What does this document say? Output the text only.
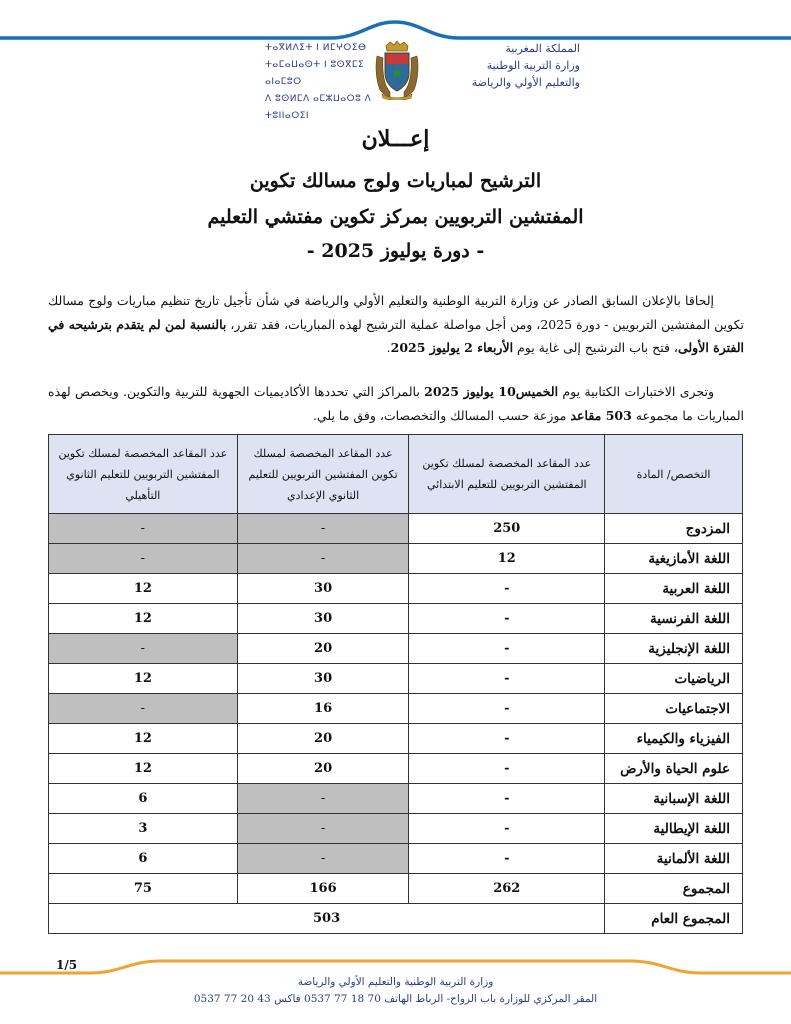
ⵜⴰⴳⵍⴷⵉⵜ ⵏ ⵍⵎⵖⵔⵉⴱ
ⵜⴰⵎⴰⵡⴰⵙⵜ ⵏ ⵓⵙⴳⵎⵉ ⴰⵏⴰⵎⵓⵔ
ⴷ ⵓⵙⵍⵎⴷ ⴰⵎⵣⵡⴰⵔⵓ ⴷ ⵜⵓⵏⵏⴰⵔⵉⵏ
المملكة المغربية
وزارة التربية الوطنية
والتعليم الأولي والرياضة
إعـــلان
الترشيح لمباريات ولوج مسالك تكوين
المفتشين التربويين بمركز تكوين مفتشي التعليم
- دورة يوليوز 2025 -

إلحاقا بالإعلان السابق الصادر عن وزارة التربية الوطنية والتعليم الأولي والرياضة في شأن تأجيل تاريخ تنظيم مباريات ولوج مسالك تكوين المفتشين التربويين - دورة 2025، ومن أجل مواصلة عملية الترشيح لهذه المباريات، فقد تقرر، بالنسبة لمن لم يتقدم بترشيحه في الفترة الأولى، فتح باب الترشيح إلى غاية يوم الأربعاء 2 يوليوز 2025.

وتجرى الاختبارات الكتابية يوم الخميس10 يوليوز 2025 بالمراكز التي تحددها الأكاديميات الجهوية للتربية والتكوين. ويخصص لهذه المباريات ما مجموعه 503 مقاعد موزعة حسب المسالك والتخصصات، وفق ما يلي.

التخصص/ المادة	عدد المقاعد المخصصة لمسلك تكوين المفتشين التربويين للتعليم الابتدائي	عدد المقاعد المخصصة لمسلك تكوين المفتشين التربويين للتعليم الثانوي الإعدادي	عدد المقاعد المخصصة لمسلك تكوين المفتشين التربويين للتعليم الثانوي التأهيلي
المزدوج	250	-	-
اللغة الأمازيغية	12	-	-
اللغة العربية	-	30	12
اللغة الفرنسية	-	30	12
اللغة الإنجليزية	-	20	-
الرياضيات	-	30	12
الاجتماعيات	-	16	-
الفيزياء والكيمياء	-	20	12
علوم الحياة والأرض	-	20	12
اللغة الإسبانية	-	-	6
اللغة الإيطالية	-	-	3
اللغة الألمانية	-	-	6
المجموع	262	166	75
المجموع العام	503		
1/5
وزارة التربية الوطنية والتعليم الأولي والرياضة
المقر المركزي للوزارة باب الرواح- الرباط الهاتف 70 18 77 0537 فاكس 43 20 77 0537
